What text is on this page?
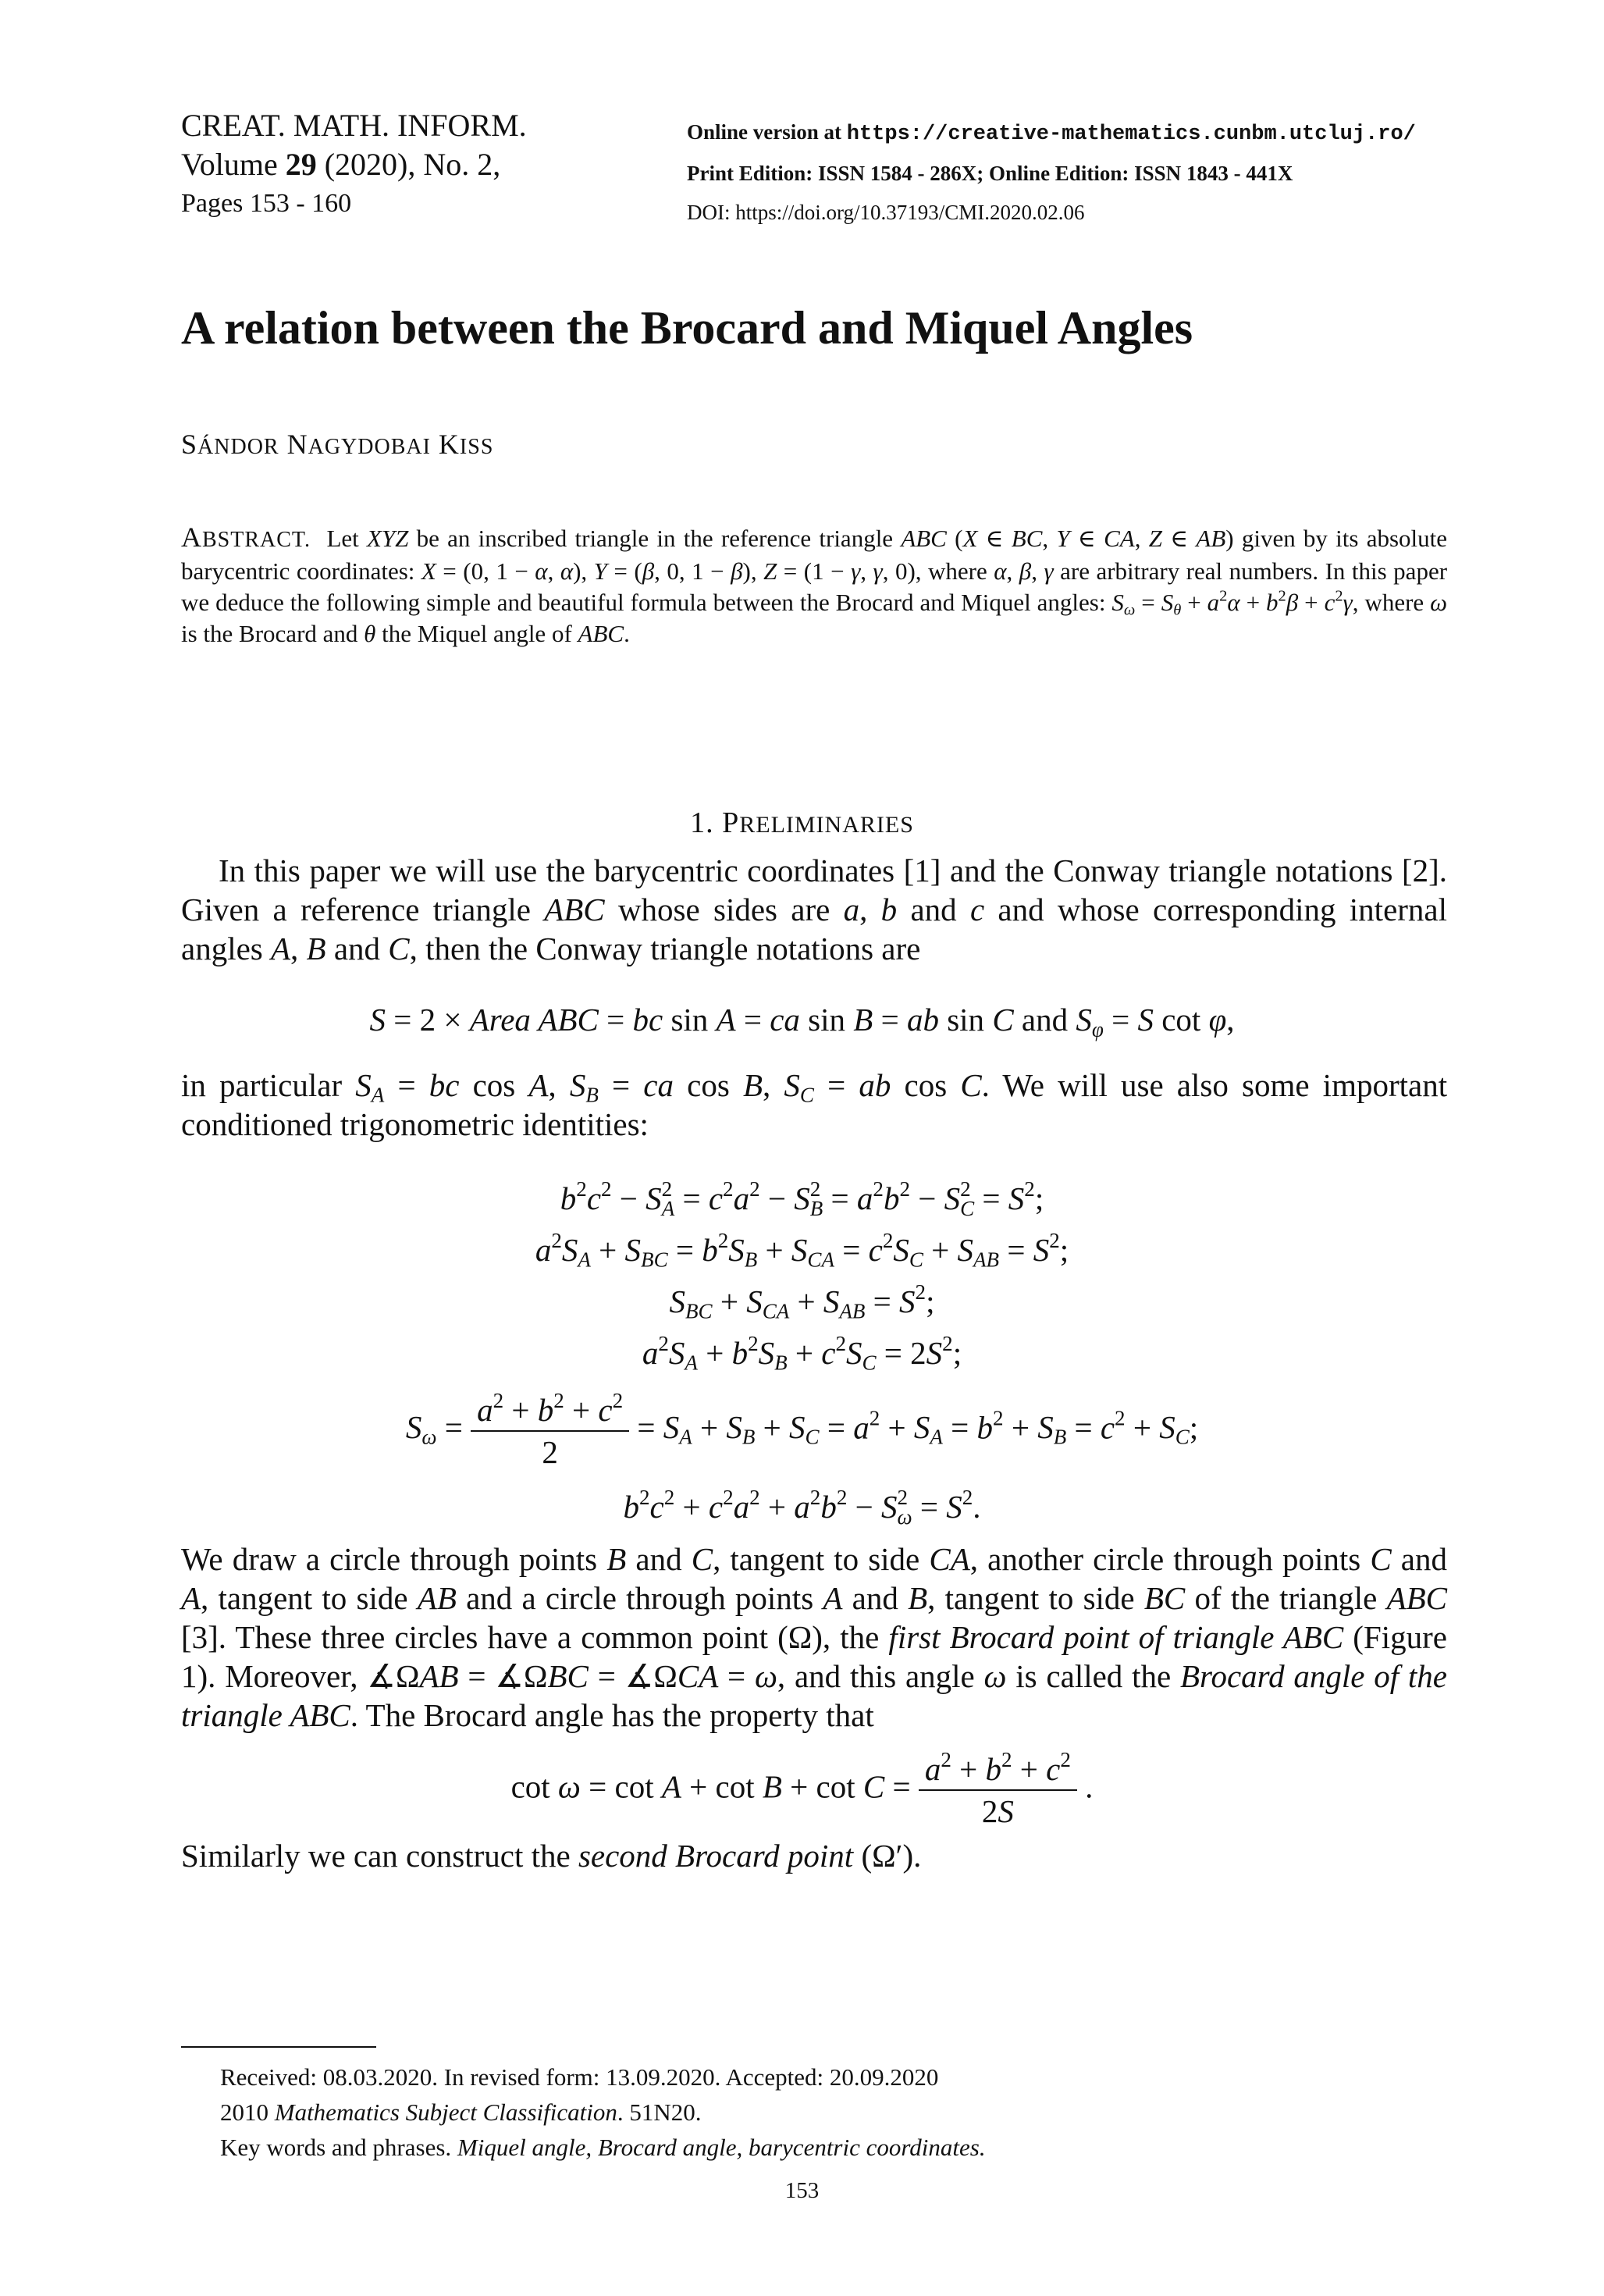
CREAT. MATH. INFORM.
Volume 29 (2020), No. 2,
Pages 153 - 160
Online version at https://creative-mathematics.cunbm.utcluj.ro/
Print Edition: ISSN 1584 - 286X; Online Edition: ISSN 1843 - 441X
DOI: https://doi.org/10.37193/CMI.2020.02.06
A relation between the Brocard and Miquel Angles
SÁNDOR NAGYDOBAI KISS
ABSTRACT. Let XYZ be an inscribed triangle in the reference triangle ABC (X ∈ BC, Y ∈ CA, Z ∈ AB) given by its absolute barycentric coordinates: X = (0, 1 − α, α), Y = (β, 0, 1 − β), Z = (1 − γ, γ, 0), where α, β, γ are arbitrary real numbers. In this paper we deduce the following simple and beautiful formula between the Brocard and Miquel angles: $S_\omega = S_\theta + a^2\alpha + b^2\beta + c^2\gamma$, where ω is the Brocard and θ the Miquel angle of ABC.
1. PRELIMINARIES
In this paper we will use the barycentric coordinates [1] and the Conway triangle notations [2]. Given a reference triangle ABC whose sides are a, b and c and whose corresponding internal angles A, B and C, then the Conway triangle notations are
S = 2 × Area ABC = bc sin A = ca sin B = ab sin C and $S_\varphi = S$ cot φ,
in particular $S_A$ = bc cos A, $S_B$ = ca cos B, $S_C$ = ab cos C. We will use also some important conditioned trigonometric identities:
$b^2c^2 - S^2_A = c^2a^2 - S^2_B = a^2b^2 - S^2_C = S^2$;
$a^2S_A + S_{BC} = b^2S_B + S_{CA} = c^2S_C + S_{AB} = S^2$;
$S_{BC} + S_{CA} + S_{AB} = S^2$;
$a^2S_A + b^2S_B + c^2S_C = 2S^2$;
$S_\omega = \frac{a^2 + b^2 + c^2}{2} = S_A + S_B + S_C = a^2 + S_A = b^2 + S_B = c^2 + S_C$;
$b^2c^2 + c^2a^2 + a^2b^2 - S^2_\omega = S^2$.
We draw a circle through points B and C, tangent to side CA, another circle through points C and A, tangent to side AB and a circle through points A and B, tangent to side BC of the triangle ABC [3]. These three circles have a common point (Ω), the first Brocard point of triangle ABC (Figure 1). Moreover, ∡ΩAB = ∡ΩBC = ∡ΩCA = ω, and this angle ω is called the Brocard angle of the triangle ABC. The Brocard angle has the property that
$\cot \omega = \cot A + \cot B + \cot C = \frac{a^2 + b^2 + c^2}{2S}$ .
Similarly we can construct the second Brocard point (Ω′).
Received: 08.03.2020. In revised form: 13.09.2020. Accepted: 20.09.2020
2010 Mathematics Subject Classification. 51N20.
Key words and phrases. Miquel angle, Brocard angle, barycentric coordinates.
153
